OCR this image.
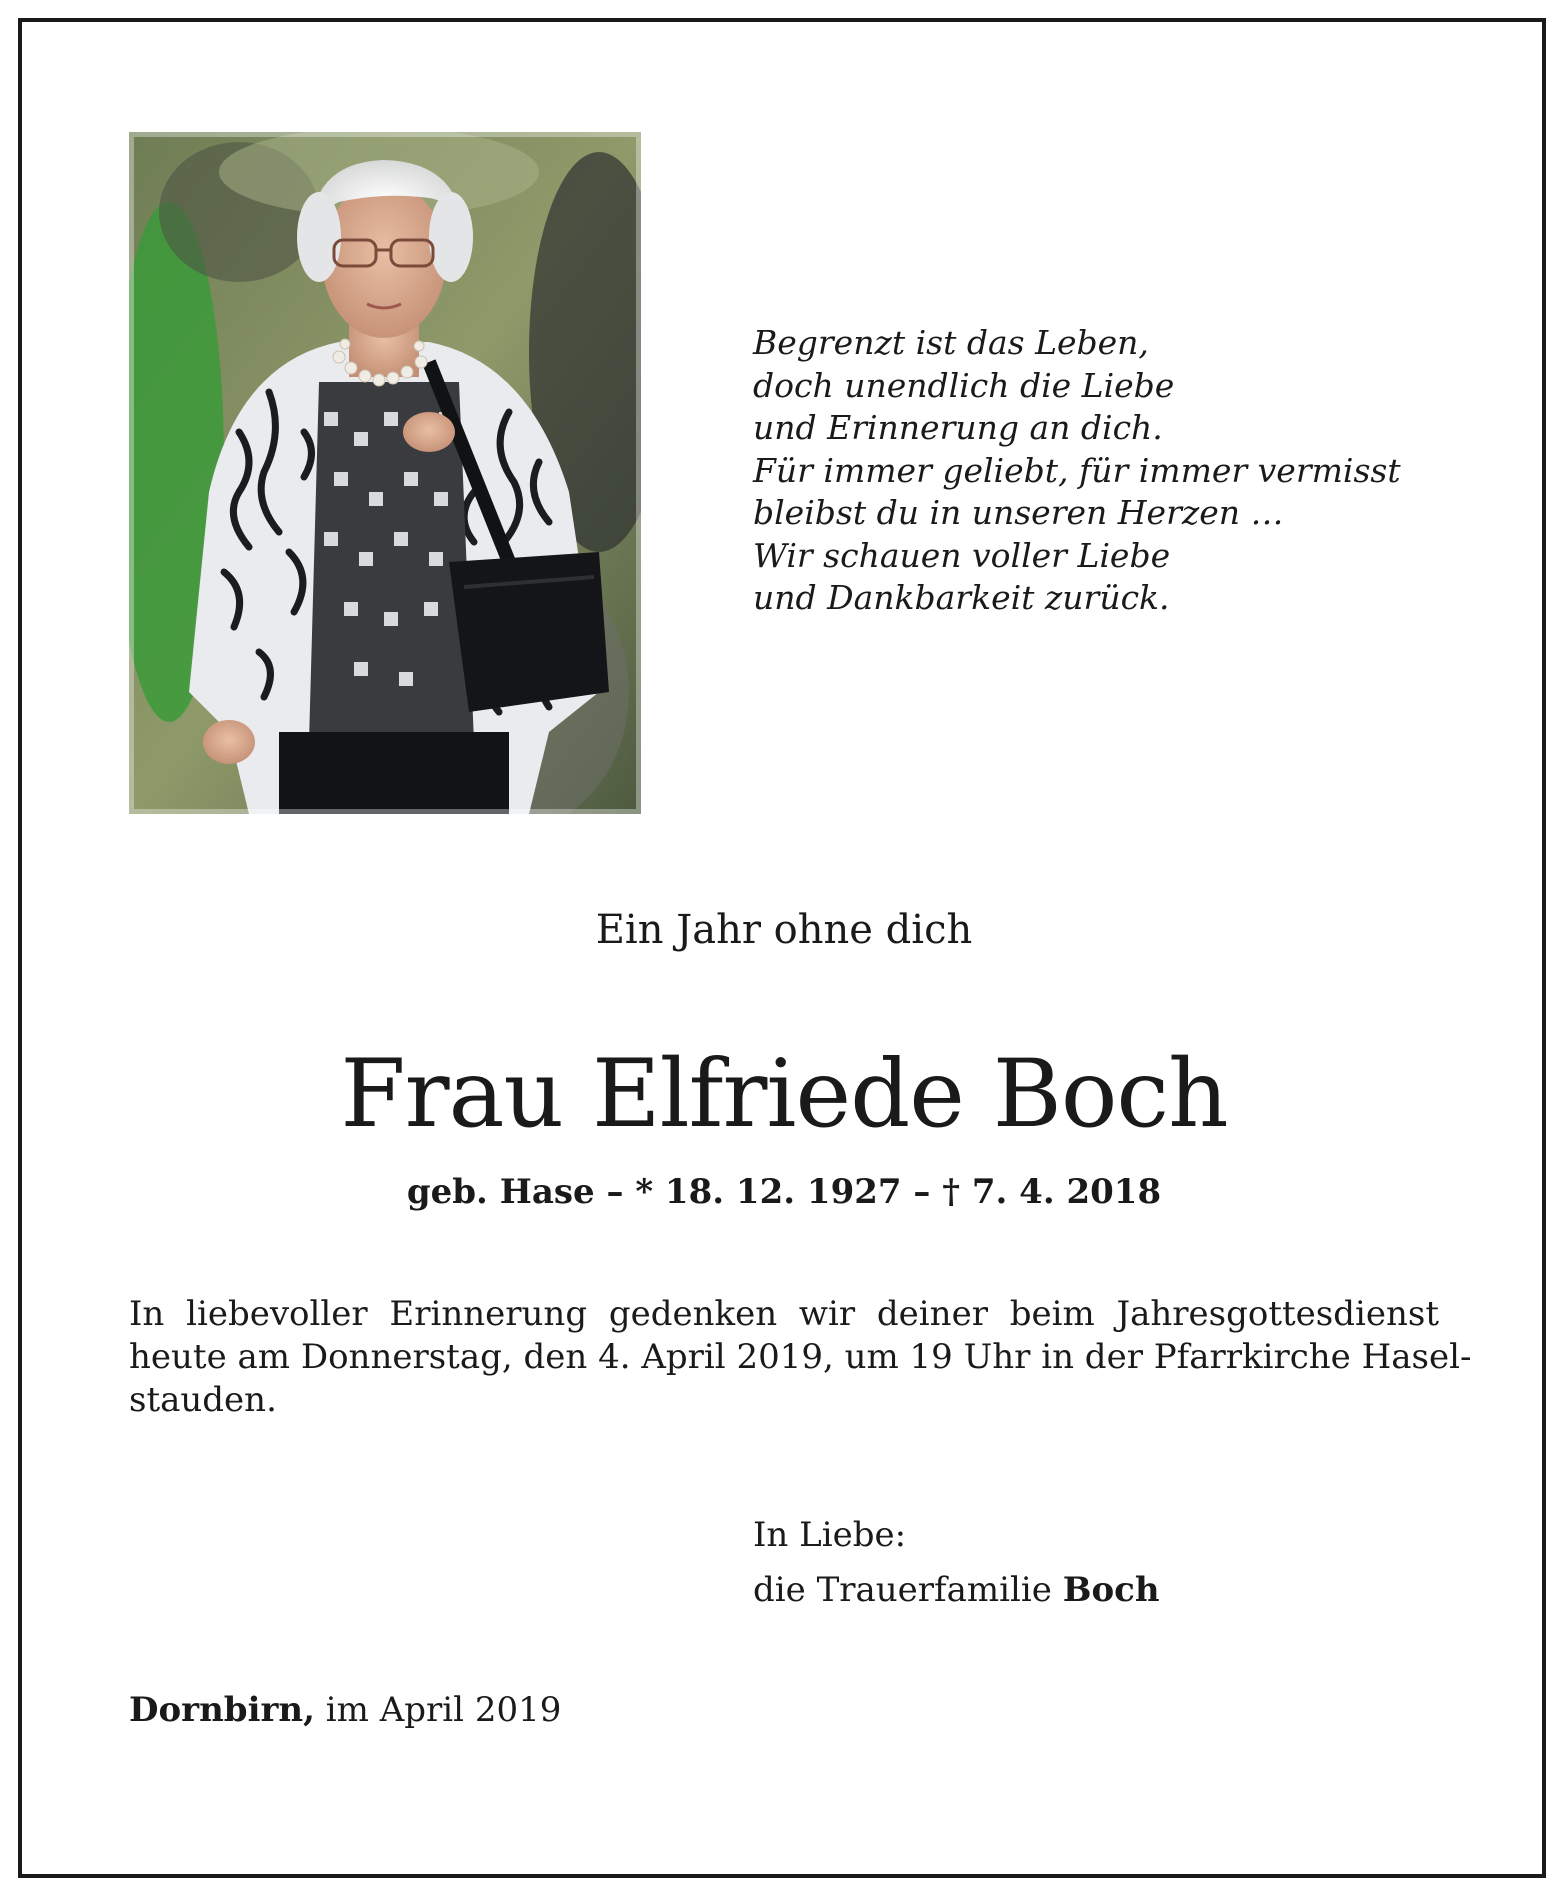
Begrenzt ist das Leben,
doch unendlich die Liebe
und Erinnerung an dich.
Für immer geliebt, für immer vermisst
bleibst du in unseren Herzen …
Wir schauen voller Liebe
und Dankbarkeit zurück.
Ein Jahr ohne dich
Frau Elfriede Boch
geb. Hase – * 18. 12. 1927 – † 7. 4. 2018
In liebevoller Erinnerung gedenken wir deiner beim Jahresgottesdienst
heute am Donnerstag, den 4. April 2019, um 19 Uhr in der Pfarrkirche Hasel-
stauden.
In Liebe:
die Trauerfamilie Boch
Dornbirn, im April 2019
